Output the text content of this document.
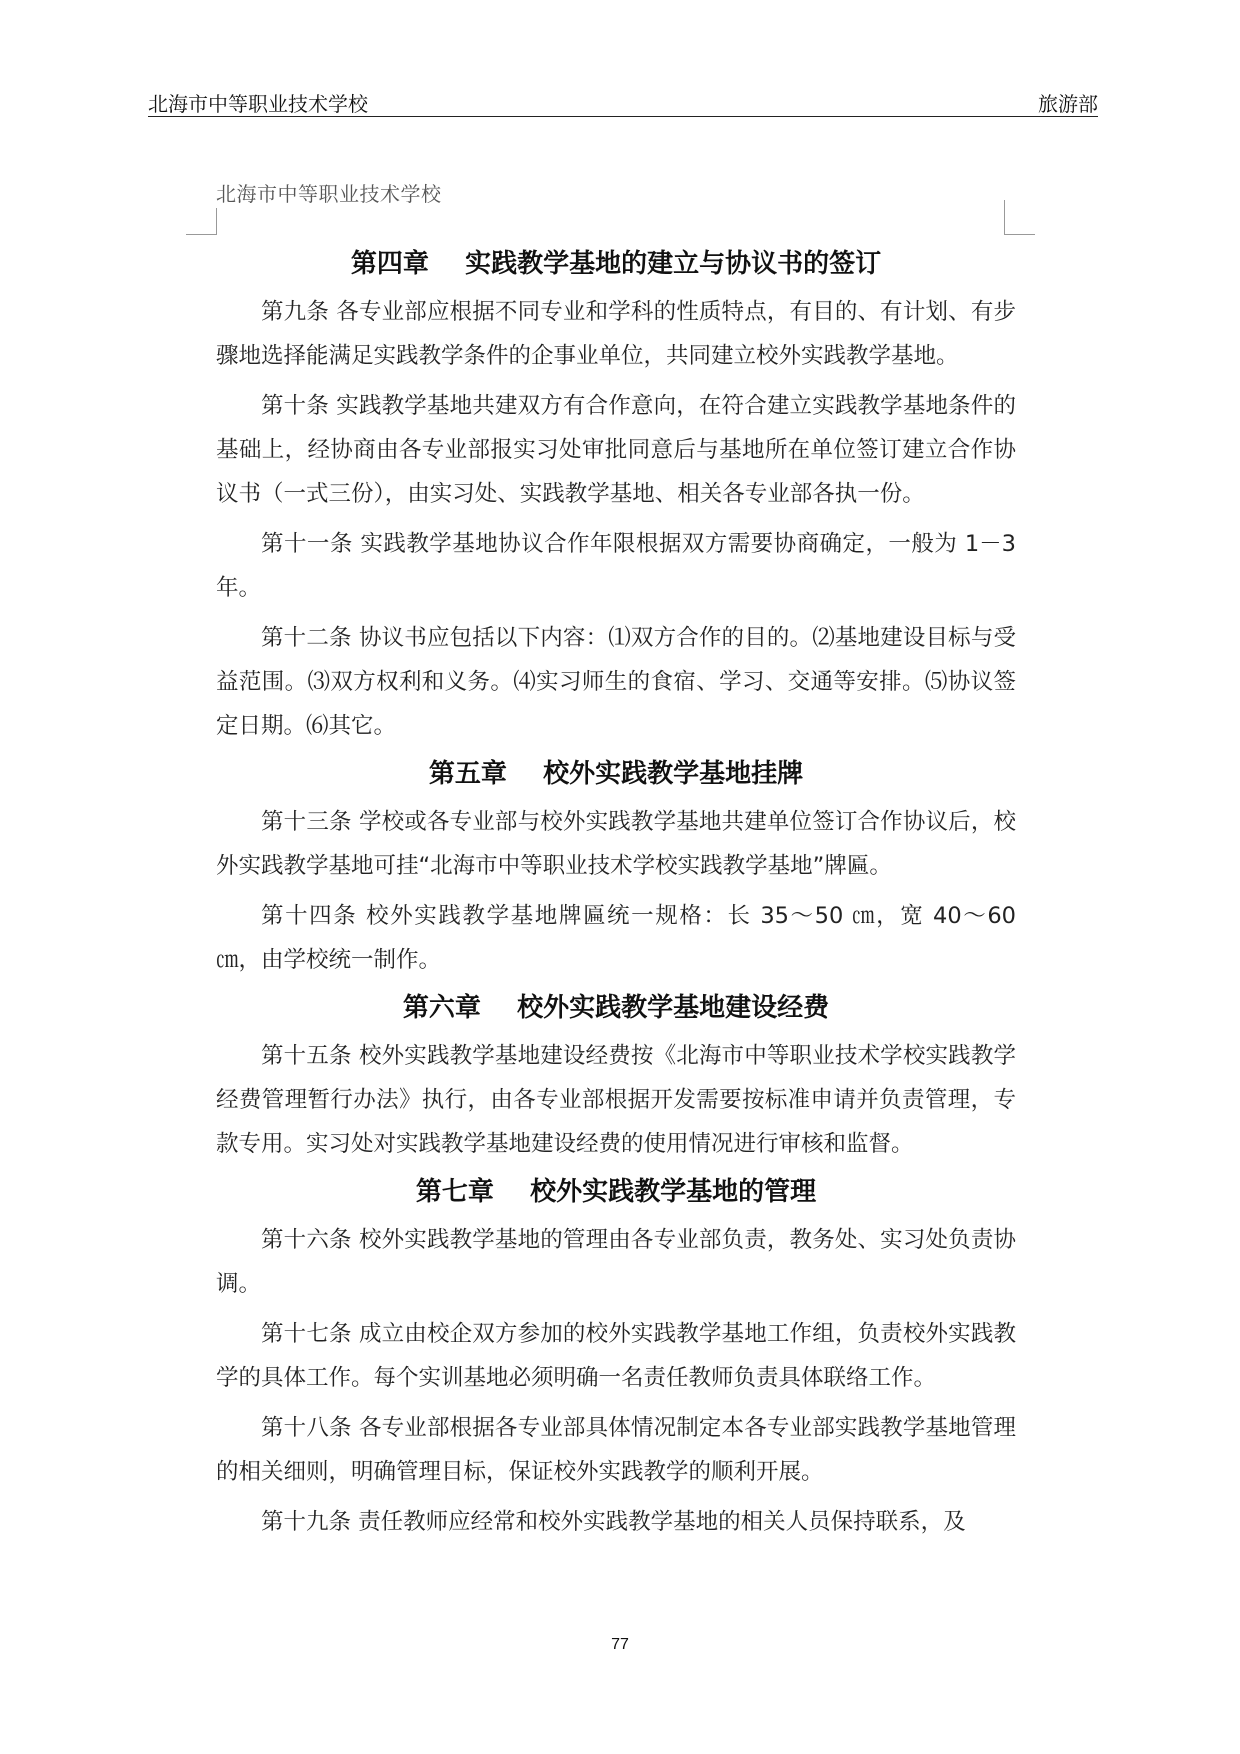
北海市中等职业技术学校	旅游部
北海市中等职业技术学校
第四章    实践教学基地的建立与协议书的签订

第九条 各专业部应根据不同专业和学科的性质特点，有目的、有计划、有步骤地选择能满足实践教学条件的企事业单位，共同建立校外实践教学基地。

第十条 实践教学基地共建双方有合作意向，在符合建立实践教学基地条件的基础上，经协商由各专业部报实习处审批同意后与基地所在单位签订建立合作协议书（一式三份），由实习处、实践教学基地、相关各专业部各执一份。

第十一条 实践教学基地协议合作年限根据双方需要协商确定，一般为 1－3 年。

第十二条 协议书应包括以下内容：⑴双方合作的目的。⑵基地建设目标与受益范围。⑶双方权利和义务。⑷实习师生的食宿、学习、交通等安排。⑸协议签定日期。⑹其它。

第五章    校外实践教学基地挂牌

第十三条 学校或各专业部与校外实践教学基地共建单位签订合作协议后，校外实践教学基地可挂“北海市中等职业技术学校实践教学基地”牌匾。

第十四条 校外实践教学基地牌匾统一规格：长 35～50 ㎝，宽 40～60 ㎝，由学校统一制作。

第六章    校外实践教学基地建设经费

第十五条 校外实践教学基地建设经费按《北海市中等职业技术学校实践教学经费管理暂行办法》执行，由各专业部根据开发需要按标准申请并负责管理，专款专用。实习处对实践教学基地建设经费的使用情况进行审核和监督。

第七章    校外实践教学基地的管理

第十六条 校外实践教学基地的管理由各专业部负责，教务处、实习处负责协调。

第十七条 成立由校企双方参加的校外实践教学基地工作组，负责校外实践教学的具体工作。每个实训基地必须明确一名责任教师负责具体联络工作。

第十八条 各专业部根据各专业部具体情况制定本各专业部实践教学基地管理的相关细则，明确管理目标，保证校外实践教学的顺利开展。

第十九条 责任教师应经常和校外实践教学基地的相关人员保持联系，及

77
